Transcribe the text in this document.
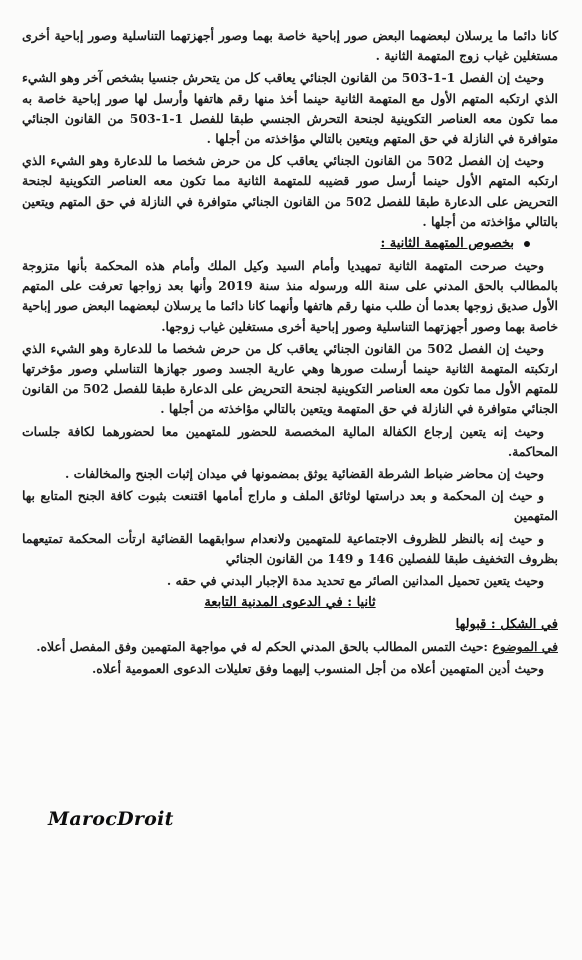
كانا دائما ما يرسلان لبعضهما البعض صور إباحية خاصة بهما وصور أجهزتهما التناسلية وصور إباحية أخرى مستغلين غياب زوج المتهمة الثانية .

وحيث إن الفصل 1-1-503 من القانون الجنائي يعاقب كل من يتحرش جنسيا بشخص آخر وهو الشيء الذي ارتكبه المتهم الأول مع المتهمة الثانية حينما أخذ منها رقم هاتفها وأرسل لها صور إباحية خاصة به مما تكون معه العناصر التكوينية لجنحة التحرش الجنسي طبقا للفصل 1-1-503 من القانون الجنائي متوافرة في النازلة في حق المتهم ويتعين بالتالي مؤاخذته من أجلها .

وحيث إن الفصل 502 من القانون الجنائي يعاقب كل من حرض شخصا ما للدعارة وهو الشيء الذي ارتكبه المتهم الأول حينما أرسل صور قضيبه للمتهمة الثانية مما تكون معه العناصر التكوينية لجنحة التحريض على الدعارة طبقا للفصل 502 من القانون الجنائي متوافرة في النازلة في حق المتهم ويتعين بالتالي مؤاخذته من أجلها .

بخصوص المتهمة الثانية :

وحيث صرحت المتهمة الثانية تمهيديا وأمام السيد وكيل الملك وأمام هذه المحكمة بأنها متزوجة بالمطالب بالحق المدني على سنة الله ورسوله منذ سنة 2019 وأنها بعد زواجها تعرفت على المتهم الأول صديق زوجها بعدما أن طلب منها رقم هاتفها وأنهما كانا دائما ما يرسلان لبعضهما البعض صور إباحية خاصة بهما وصور أجهزتهما التناسلية وصور إباحية أخرى مستغلين غياب زوجها.

وحيث إن الفصل 502 من القانون الجنائي يعاقب كل من حرض شخصا ما للدعارة وهو الشيء الذي ارتكبته المتهمة الثانية حينما أرسلت صورها وهي عارية الجسد وصور جهازها التناسلي وصور مؤخرتها للمتهم الأول مما تكون معه العناصر التكوينية لجنحة التحريض على الدعارة طبقا للفصل 502 من القانون الجنائي متوافرة في النازلة في حق المتهمة ويتعين بالتالي مؤاخذته من أجلها .

وحيث إنه يتعين إرجاع الكفالة المالية المخصصة للحضور للمتهمين معا لحضورهما لكافة جلسات المحاكمة.

وحيث إن محاضر ضباط الشرطة القضائية يوثق بمضمونها في ميدان إثبات الجنح والمخالفات .

و حيث إن المحكمة و بعد دراستها لوثائق الملف و ماراج أمامها اقتنعت بثبوت كافة الجنح المتابع بها المتهمين

و حيث إنه بالنظر للظروف الاجتماعية للمتهمين ولانعدام سوابقهما القضائية ارتأت المحكمة تمتيعهما بظروف التخفيف طبقا للفصلين 146 و 149 من القانون الجنائي

وحيث يتعين تحميل المدانين الصائر مع تحديد مدة الإجبار البدني في حقه .

ثانيا : في الدعوى المدنية التابعة
في الشكل : قبولها

في الموضوع :حيث التمس المطالب بالحق المدني الحكم له في مواجهة المتهمين وفق المفصل أعلاه.

وحيث أدين المتهمين أعلاه من أجل المنسوب إليهما وفق تعليلات الدعوى العمومية أعلاه.

MarocDroit
